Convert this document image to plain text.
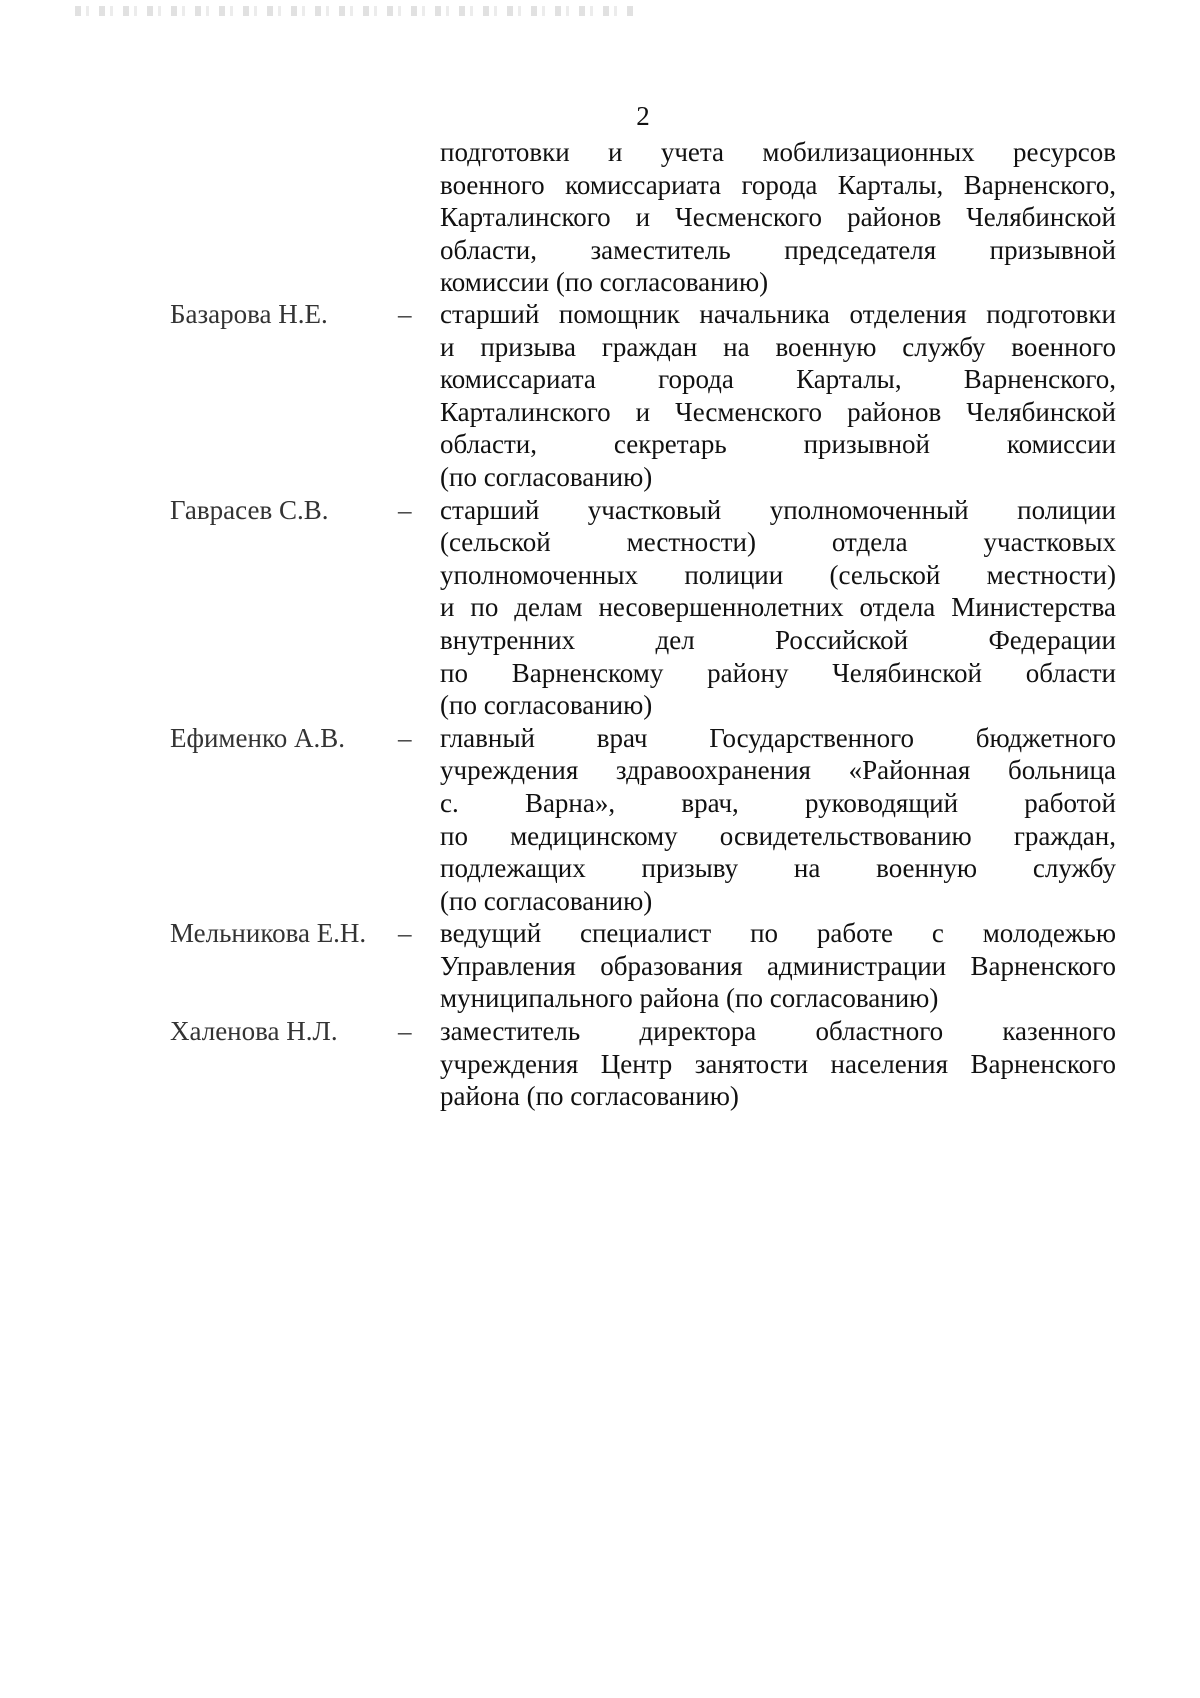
2
подготовки и учета мобилизационных ресурсов
военного комиссариата города Карталы, Варненского,
Карталинского и Чесменского районов Челябинской
области, заместитель председателя призывной
комиссии (по согласованию)
Базарова Н.Е.	–	старший помощник начальника отделения подготовки
и призыва граждан на военную службу военного
комиссариата города Карталы, Варненского,
Карталинского и Чесменского районов Челябинской
области, секретарь призывной комиссии
(по согласованию)
Гаврасев С.В.	–	старший участковый уполномоченный полиции
(сельской местности) отдела участковых
уполномоченных полиции (сельской местности)
и по делам несовершеннолетних отдела Министерства
внутренних дел Российской Федерации
по Варненскому району Челябинской области
(по согласованию)
Ефименко А.В.	–	главный врач Государственного бюджетного
учреждения здравоохранения «Районная больница
с. Варна», врач, руководящий работой
по медицинскому освидетельствованию граждан,
подлежащих призыву на военную службу
(по согласованию)
Мельникова Е.Н.	–	ведущий специалист по работе с молодежью
Управления образования администрации Варненского
муниципального района (по согласованию)
Халенова Н.Л.	–	заместитель директора областного казенного
учреждения Центр занятости населения Варненского
района (по согласованию)
